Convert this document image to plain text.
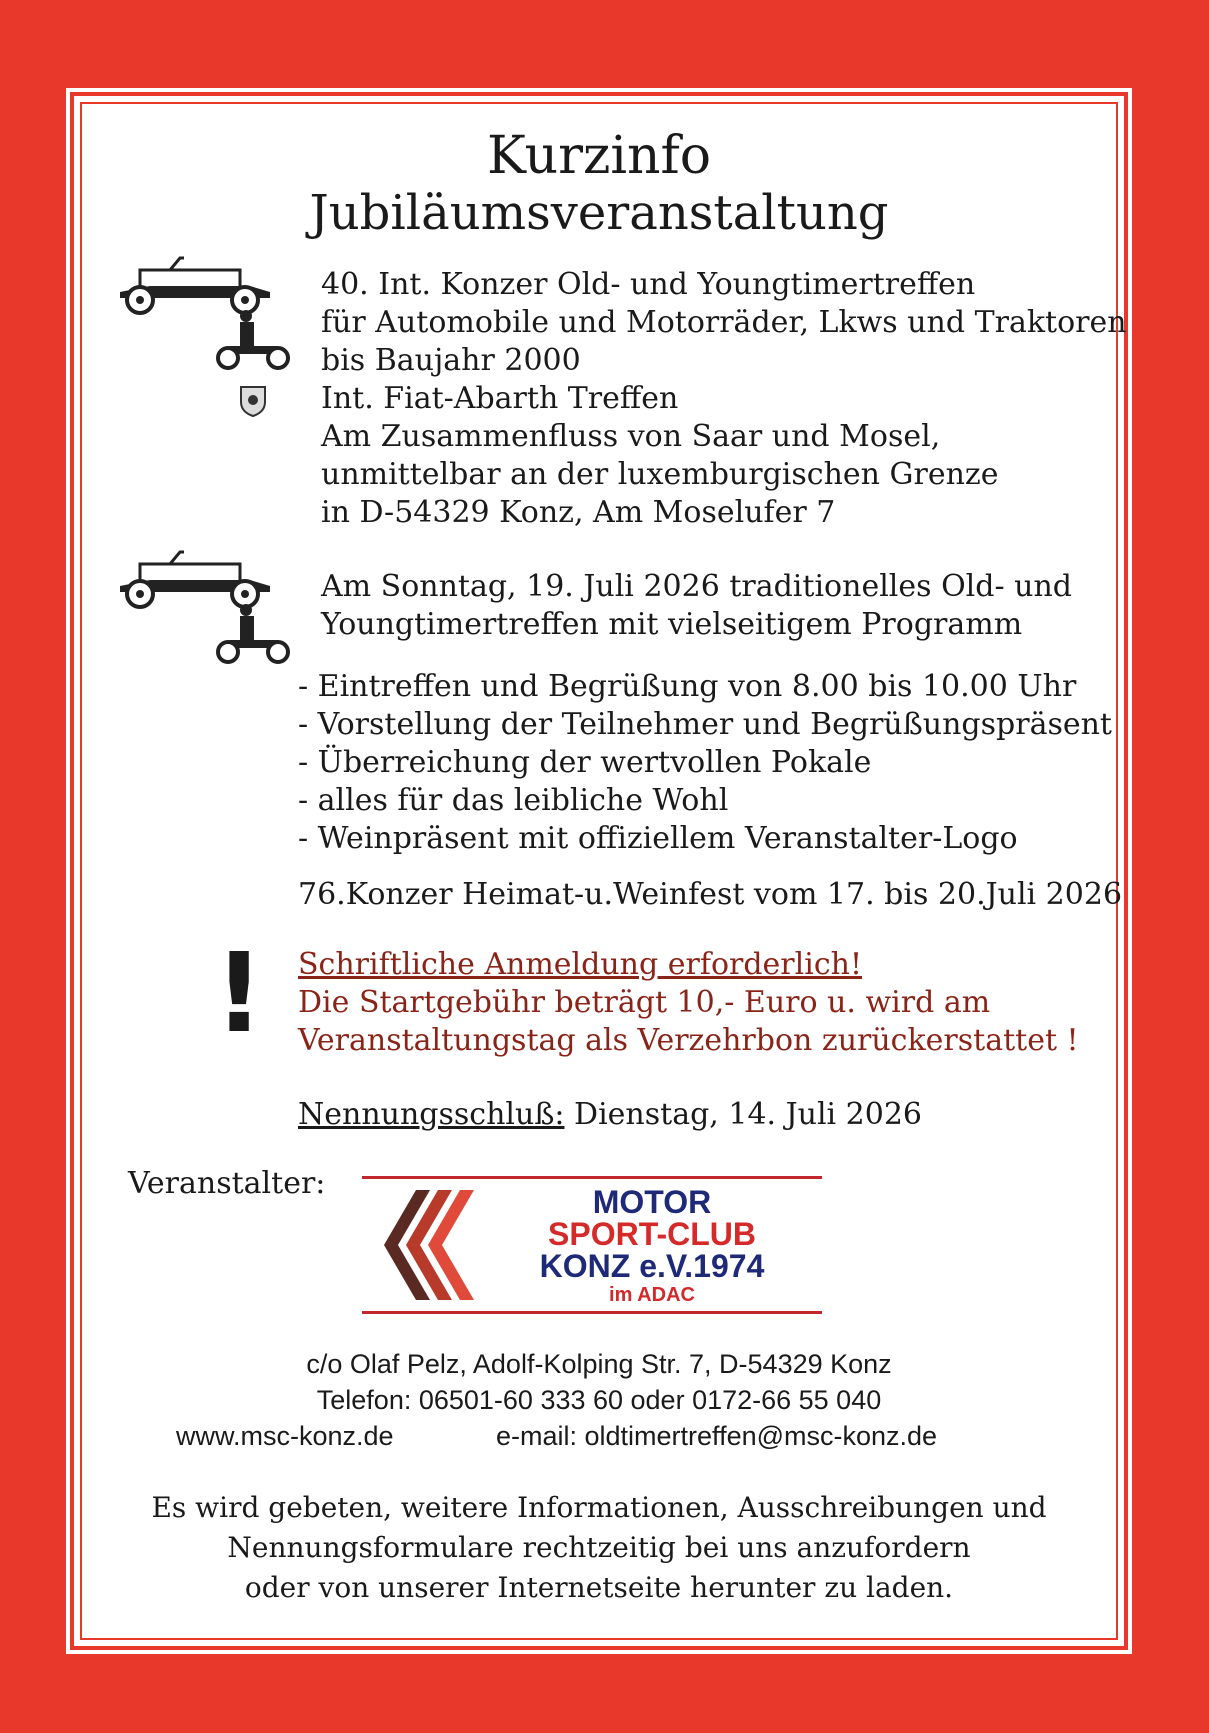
Kurzinfo
Jubiläumsveranstaltung
40. Int. Konzer Old- und Youngtimertreffen
für Automobile und Motorräder, Lkws und Traktoren
bis Baujahr 2000
Int. Fiat-Abarth Treffen
Am Zusammenfluss von Saar und Mosel,
unmittelbar an der luxemburgischen Grenze
in D-54329 Konz, Am Moselufer 7
Am Sonntag, 19. Juli 2026 traditionelles Old- und
Youngtimertreffen mit vielseitigem Programm
- Eintreffen und Begrüßung von 8.00 bis 10.00 Uhr
- Vorstellung der Teilnehmer und Begrüßungspräsent
- Überreichung der wertvollen Pokale
- alles für das leibliche Wohl
- Weinpräsent mit offiziellem Veranstalter-Logo
76.Konzer Heimat-u.Weinfest vom 17. bis 20.Juli 2026
! Schriftliche Anmeldung erforderlich!
Die Startgebühr beträgt 10,- Euro u. wird am
Veranstaltungstag als Verzehrbon zurückerstattet !
Nennungsschluß: Dienstag, 14. Juli 2026
Veranstalter:
MOTOR
SPORT-CLUB
KONZ e.V.1974
im ADAC
c/o Olaf Pelz, Adolf-Kolping Str. 7, D-54329 Konz
Telefon: 06501-60 333 60 oder 0172-66 55 040
www.msc-konz.de	e-mail: oldtimertreffen@msc-konz.de
Es wird gebeten, weitere Informationen, Ausschreibungen und
Nennungsformulare rechtzeitig bei uns anzufordern
oder von unserer Internetseite herunter zu laden.
